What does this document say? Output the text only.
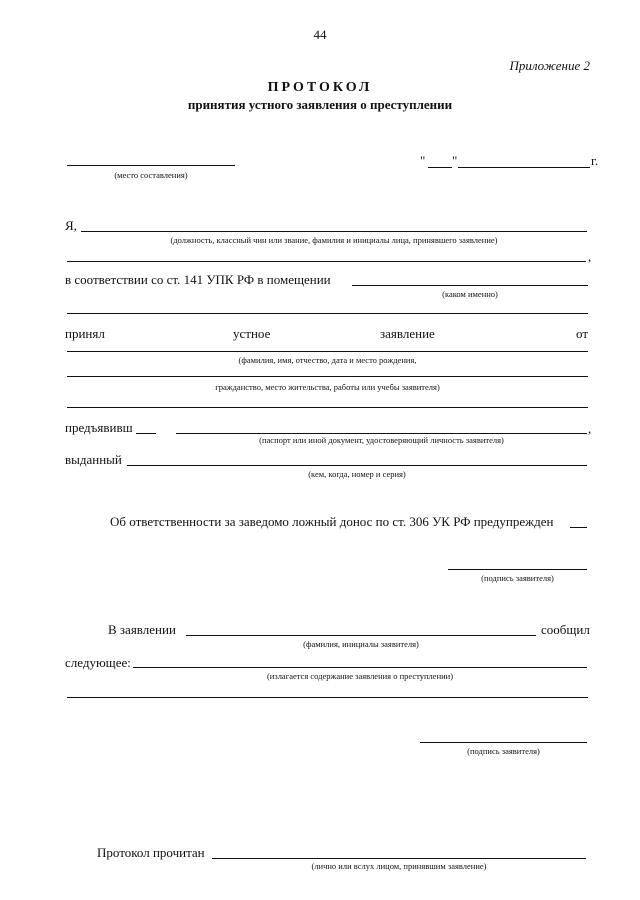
44
Приложение 2
ПРОТОКОЛ
принятия устного заявления о преступлении
(место составления)
" "	г.
Я,
(должность, классный чин или звание, фамилия и инициалы лица, принявшего заявление)
,
в соответствии со ст. 141 УПК РФ в помещении
(каком именно)
принял	устное	заявление	от
(фамилия, имя, отчество, дата и место рождения,
гражданство, место жительства, работы или учебы заявителя)
предъявивш	,
(паспорт или иной документ, удостоверяющий личность заявителя)
выданный
(кем, когда, номер и серия)
Об ответственности за заведомо ложный донос по ст. 306 УК РФ предупрежден
(подпись заявителя)
В заявлении	сообщил
(фамилия, инициалы заявителя)
следующее:
(излагается содержание заявления о преступлении)
(подпись заявителя)
Протокол прочитан
(лично или вслух лицом, принявшим заявление)
